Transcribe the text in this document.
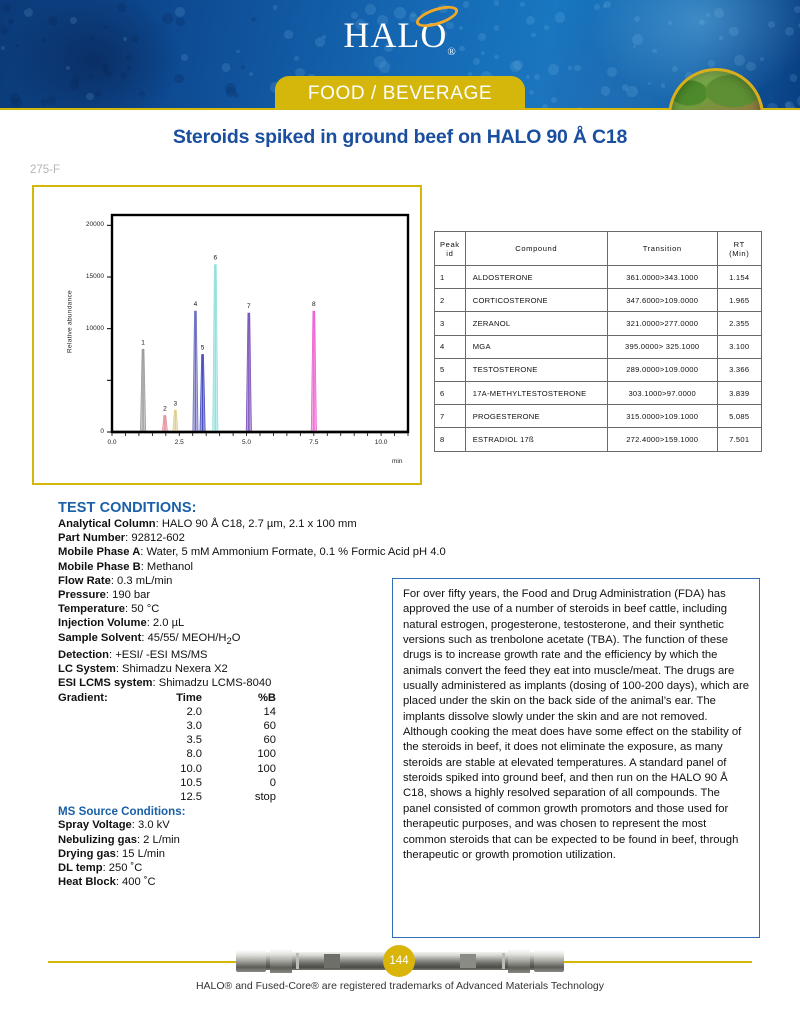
$HALO_®$
FOOD / BEVERAGE
Steroids spiked in ground beef on HALO 90 Å C18
275-F
1
2
3
4
5
6
7	8
0
10000
15000
20000
0.0	2.5	5.0	7.5	10.0
Relative abundance
min
Peak
id	Compound	Transition	RT
(Min)
1	ALDOSTERONE	361.0000>343.1000	1.154
2	CORTICOSTERONE	347.6000>109.0000	1.965
3	ZERANOL	321.0000>277.0000	2.355
4	MGA	395.0000> 325.1000	3.100
5	TESTOSTERONE	289.0000>109.0000	3.366
6	17A-METHYLTESTOSTERONE	303.1000>97.0000	3.839
7	PROGESTERONE	315.0000>109.1000	5.085
8	ESTRADIOL 17ß	272.4000>159.1000	7.501
TEST CONDITIONS:
Analytical Column: HALO 90 Å C18, 2.7 µm, 2.1 x 100 mm
Part Number: 92812-602
Mobile Phase A: Water, 5 mM Ammonium Formate, 0.1 % Formic Acid pH 4.0
Mobile Phase B: Methanol
Flow Rate: 0.3 mL/min
Pressure: 190 bar
Temperature: 50 °C
Injection Volume: 2.0 µL
Sample Solvent: 45/55/ MEOH/$H_2O$
Detection: +ESI/ -ESI MS/MS
LC System: Shimadzu Nexera X2
ESI LCMS system: Shimadzu LCMS-8040
Gradient:	Time	%B
2.0	14
3.0	60
3.5	60
8.0	100
10.0	100
10.5	0
12.5	stop
MS Source Conditions:
Spray Voltage: 3.0 kV
Nebulizing gas: 2 L/min
Drying gas: 15 L/min
DL temp: 250 ˚C
Heat Block: 400 ˚C
For over fifty years, the Food and Drug Administration (FDA) has approved the use of a number of steroids in beef cattle, including natural estrogen, progesterone, testosterone, and their synthetic versions such as trenbolone acetate (TBA). The function of these drugs is to increase growth rate and the efficiency by which the animals convert the feed they eat into muscle/meat. The drugs are usually administered as implants (dosing of 100-200 days), which are placed under the skin on the back side of the animal’s ear. The implants dissolve slowly under the skin and are not removed. Although cooking the meat does have some effect on the stability of the steroids in beef, it does not eliminate the exposure, as many steroids are stable at elevated temperatures. A standard panel of steroids spiked into ground beef, and then run on the HALO 90 Å C18, shows a highly resolved separation of all compounds. The panel consisted of common growth promotors and those used for therapeutic purposes, and was chosen to represent the most common steroids that can be expected to be found in beef, through therapeutic or growth promotion utilization.
144
HALO® and Fused-Core® are registered trademarks of Advanced Materials Technology
